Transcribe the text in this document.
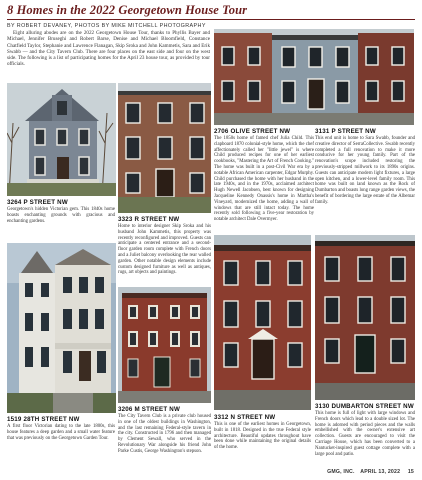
8 Homes in the 2022 Georgetown House Tour
BY ROBERT DEVANEY, PHOTOS BY MIKE MITCHELL PHOTOGRAPHY
Eight alluring abodes are on the 2022 Georgetown House Tour, thanks to Phyllis Bayer and Michael, Jennifer Bruseghi and Robert Barse, Denise and Michael Bloomfield, Constance Chatfield Taylor, Stephanie and Lawrence Flanagan, Skip Sroka and John Kammetis, Sara and Erik Swabb — and the City Tavern Club. There are four places on the east side and four on the west side. The following is a list of participating homes for the April 23 house tour, as provided by tour officials.
3264 P STREET NW
Georgetown's hidden Victorian gem. This 1840s home boasts enchanting grounds with gracious and enchanting gardens.
1519 28TH STREET NW
A first floor Victorian dating to the late 1800s, this house features a deep garden and a small water feature that was previously on the Georgetown Garden Tour.
3323 R STREET NW
Home to interior designer Skip Sroka and his husband John Kammetis, this property was recently reconfigured and improved. Guests can anticipate a centered entrance and a second-floor garden room complete with French doors and a Juliet balcony overlooking the rear walled garden. Other notable design elements include custom designed furniture as well as antiques, rugs, art objects and paintings.
3206 M STREET NW
The City Tavern Club is a private club housed in one of the oldest buildings in Washington, and the last remaining Federal-style tavern in the city. Constructed in 1796 and then managed by Clement Sewall, who served in the Revolutionary War alongside his friend John Parke Custis, George Washington's stepson.
2706 OLIVE STREET NW
The 1850s home of famed chef Julia Child. This clapboard 1870 colonial-style home, which the chef affectionately called her "little jewel" is where Child produced recipes for one of her earliest cookbooks, "Mastering the Art of French Cooking." The home was built in a post-Civil War era by a notable African American carpenter, Edgar Murphy. Child purchased the home with her husband in the late 1940s, and in the 1970s, acclaimed architect Hugh Newell Jacobsen, best known for designing Jacqueline Kennedy Onassis's home in Martha's Vineyard, modernized the home, adding a wall of windows that are still intact today. The home recently sold following a five-year restoration by notable architect Dale Overmyer.
3312 N STREET NW
This is one of the earliest homes in Georgetown, built in 1818. Designed in the true Federal style architecture. Beautiful updates throughout have been done while maintaining the original details of the home.
3131 P STREET NW
This end unit is home to Sara Swabb, founder and creative director of SerraCollective. Swabb recently completed a full renovation to make it more conducive for her young family. Part of the renovation's scope included restoring the previously-stripped millwork to its 1890s origins. Guests can anticipate modern light fixtures, a large open kitchen, and a lower-level family room. This home was built on land known as the Rock of Dumbarton and boasts long range garden views, the benefit of bordering the large estate of the Albemar family.
3130 DUMBARTON STREET NW
This home is full of light with large windows and French doors which lead to a double sized lot. The home is adorned with period pieces and the walls embellished with the owner's extensive art collection. Guests are encouraged to visit the Carriage House, which has been converted to a Nantucket-inspired guest cottage complete with a large pool and patio.
GMG, INC. APRIL 13, 2022 15
